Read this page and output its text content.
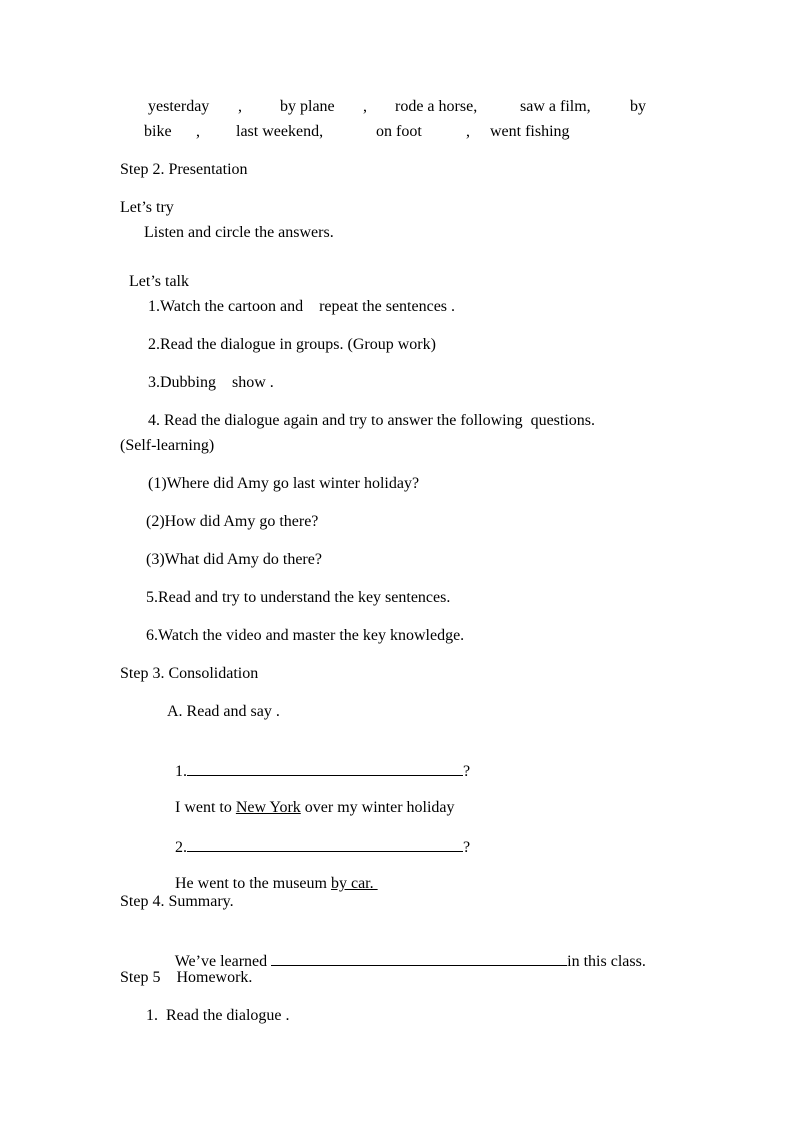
yesterday , by plane , rode a horse,	saw a film, by
bike , last weekend,	on foot	, went fishing
Step 2. Presentation
Let’s try
Listen and circle the answers.
Let’s talk
1.Watch the cartoon and    repeat the sentences .
2.Read the dialogue in groups. (Group work)
3.Dubbing    show .
4. Read the dialogue again and try to answer the following  questions.
(Self-learning)
(1)Where did Amy go last winter holiday?
(2)How did Amy go there?
(3)What did Amy do there?
5.Read and try to understand the key sentences.
6.Watch the video and master the key knowledge.
Step 3. Consolidation
A. Read and say .

1.	?

I went to New York over my winter holiday

2.	?

He went to the museum by car.

Step 4. Summary.

We’ve learned	in this class.

Step 5    Homework.
1.  Read the dialogue .
